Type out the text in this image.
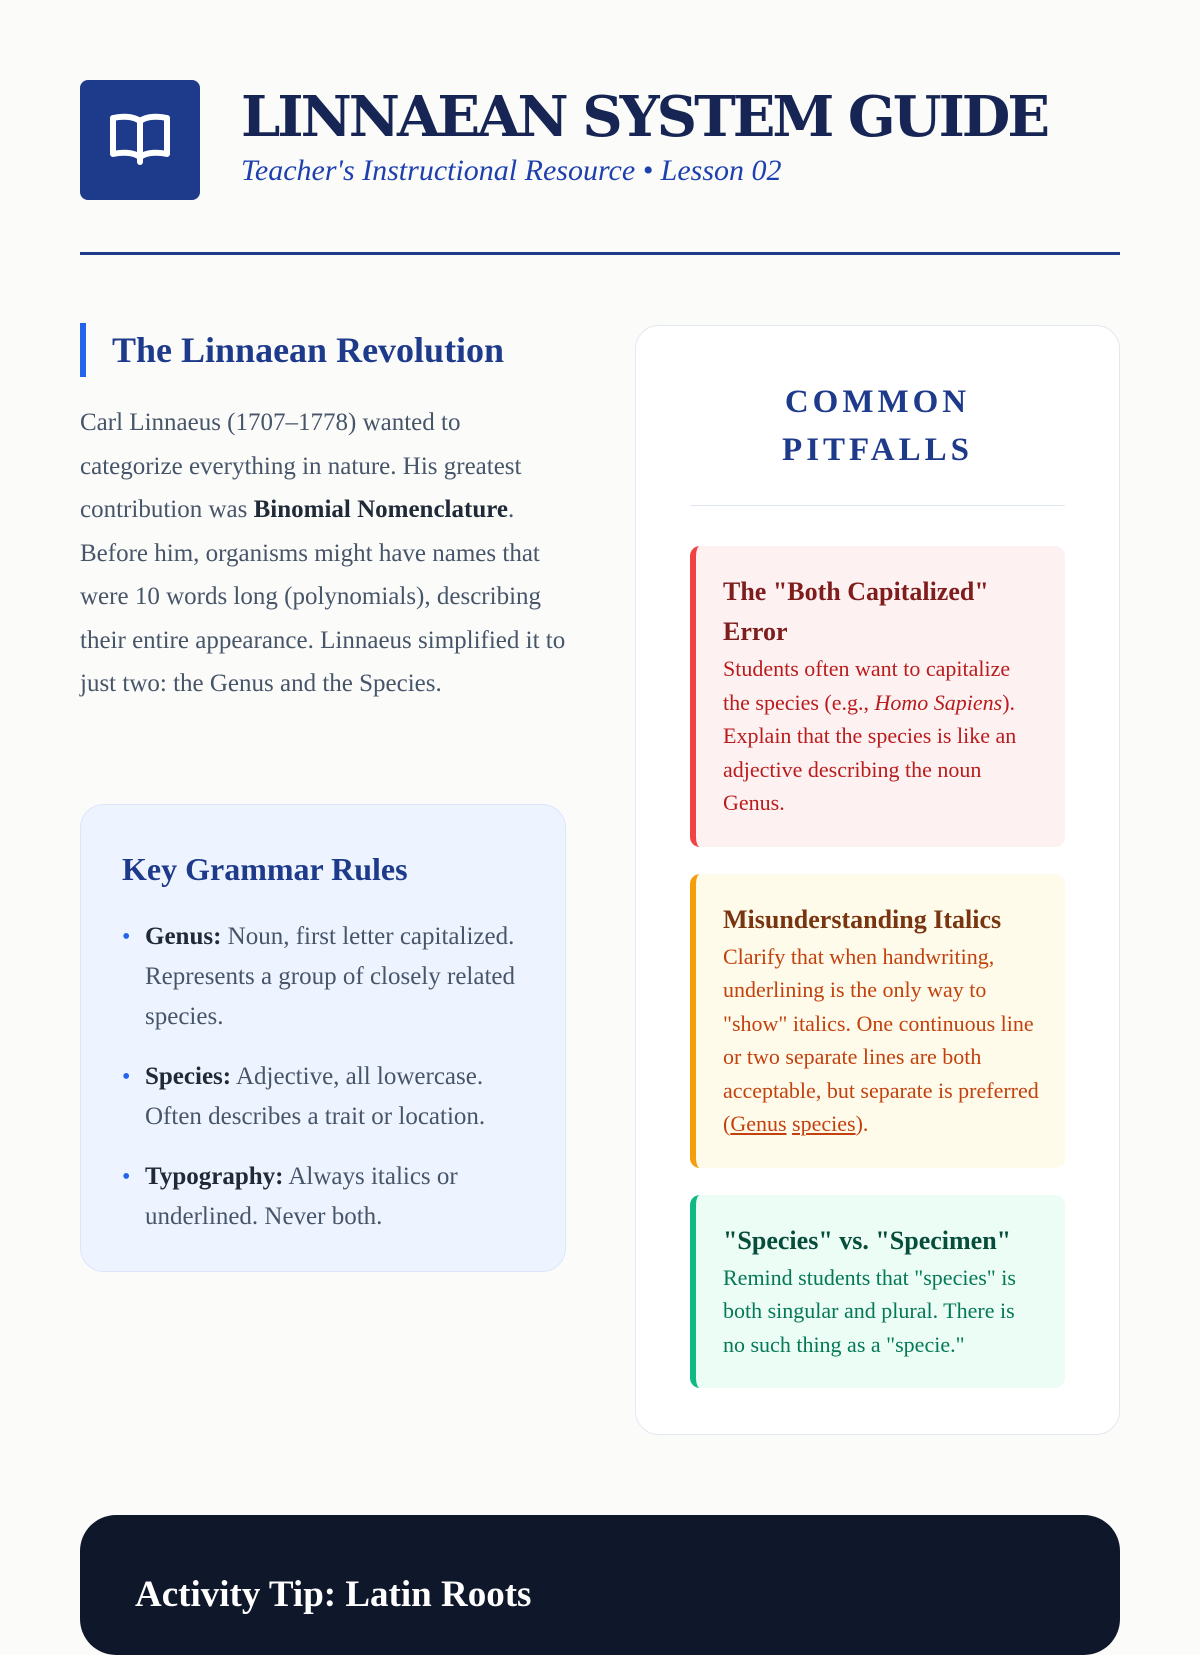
LINNAEAN SYSTEM GUIDE
Teacher's Instructional Resource • Lesson 02
The Linnaean Revolution

Carl Linnaeus (1707–1778) wanted to categorize everything in nature. His greatest contribution was Binomial Nomenclature. Before him, organisms might have names that were 10 words long (polynomials), describing their entire appearance. Linnaeus simplified it to just two: the Genus and the Species.

Key Grammar Rules
• Genus: Noun, first letter capitalized. Represents a group of closely related species.
• Species: Adjective, all lowercase. Often describes a trait or location.
• Typography: Always italics or underlined. Never both.
COMMON PITFALLS
The "Both Capitalized" Error

Students often want to capitalize the species (e.g., Homo Sapiens). Explain that the species is like an adjective describing the noun Genus.

Misunderstanding Italics

Clarify that when handwriting, underlining is the only way to "show" italics. One continuous line or two separate lines are both acceptable, but separate is preferred (Genus species).

"Species" vs. "Specimen"

Remind students that "species" is both singular and plural. There is no such thing as a "specie."

Activity Tip: Latin Roots
